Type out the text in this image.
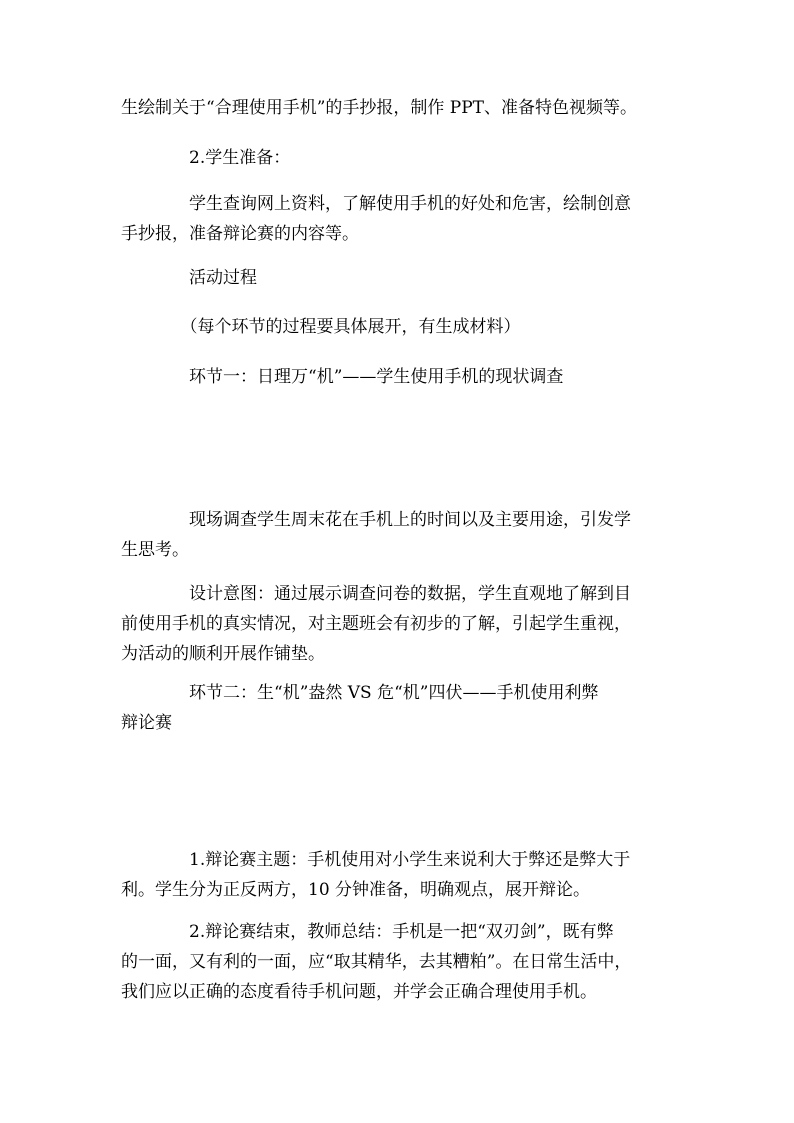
生绘制关于“合理使用手机”的手抄报，制作 PPT、准备特色视频等。
　　　　2.学生准备：
　　　　学生查询网上资料，了解使用手机的好处和危害，绘制创意
手抄报，准备辩论赛的内容等。
　　　　活动过程
　　　　（每个环节的过程要具体展开，有生成材料）
　　　　环节一：日理万“机”——学生使用手机的现状调查
　　　　现场调查学生周末花在手机上的时间以及主要用途，引发学
生思考。
　　　　设计意图：通过展示调查问卷的数据，学生直观地了解到目
前使用手机的真实情况，对主题班会有初步的了解，引起学生重视，
为活动的顺利开展作铺垫。
　　　　环节二：生“机”盎然 VS 危“机”四伏——手机使用利弊
辩论赛
　　　　1.辩论赛主题：手机使用对小学生来说利大于弊还是弊大于
利。学生分为正反两方，10 分钟准备，明确观点，展开辩论。
　　　　2.辩论赛结束，教师总结：手机是一把“双刃剑”，既有弊
的一面，又有利的一面，应“取其精华，去其糟粕”。在日常生活中，
我们应以正确的态度看待手机问题，并学会正确合理使用手机。
